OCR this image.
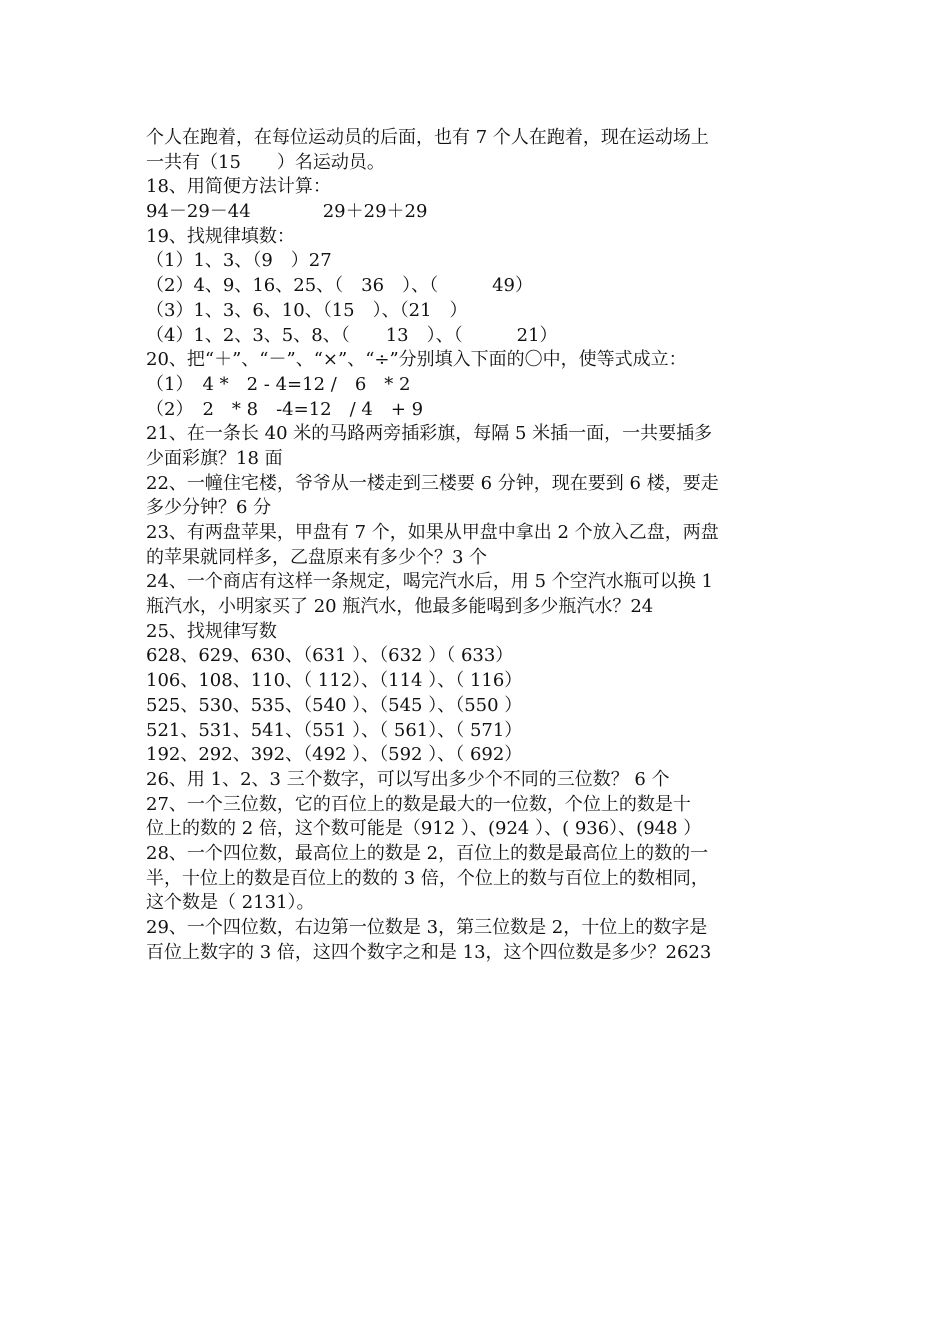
个人在跑着，在每位运动员的后面，也有 7 个人在跑着，现在运动场上
一共有（15　　）名运动员。
18、用简便方法计算：
94－29－44　　　　29＋29＋29
19、找规律填数：
（1）1、3、（9　）27
（2）4、9、16、25、（　36　）、（　　　49）
（3）1、3、6、10、（15　）、（21　）
（4）1、2、3、5、8、（　　13　）、（　　　21）
20、把“＋”、“－”、“×”、“÷”分别填入下面的〇中，使等式成立：
（1）　4 *　2 - 4=12 /　6　* 2
（2）　2　* 8　-4=12　/ 4　+ 9
21、在一条长 40 米的马路两旁插彩旗，每隔 5 米插一面，一共要插多
少面彩旗？18 面
22、一幢住宅楼，爷爷从一楼走到三楼要 6 分钟，现在要到 6 楼，要走
多少分钟？6 分
23、有两盘苹果，甲盘有 7 个，如果从甲盘中拿出 2 个放入乙盘，两盘
的苹果就同样多，乙盘原来有多少个？3 个
24、一个商店有这样一条规定，喝完汽水后，用 5 个空汽水瓶可以换 1
瓶汽水，小明家买了 20 瓶汽水，他最多能喝到多少瓶汽水？24
25、找规律写数
628、629、630、（631 ）、（632 ）（ 633）
106、108、110、（ 112）、（114 ）、（ 116）
525、530、535、（540 ）、（545 ）、（550 ）
521、531、541、（551 ）、（ 561）、（ 571）
192、292、392、（492 ）、（592 ）、（ 692）
26、用 1、2、3 三个数字，可以写出多少个不同的三位数？ 6 个
27、一个三位数，它的百位上的数是最大的一位数，个位上的数是十
位上的数的 2 倍，这个数可能是（912 ）、(924 ）、( 936）、(948 ）
28、一个四位数，最高位上的数是 2，百位上的数是最高位上的数的一
半，十位上的数是百位上的数的 3 倍，个位上的数与百位上的数相同，
这个数是（ 2131）。
29、一个四位数，右边第一位数是 3，第三位数是 2，十位上的数字是
百位上数字的 3 倍，这四个数字之和是 13，这个四位数是多少？2623
